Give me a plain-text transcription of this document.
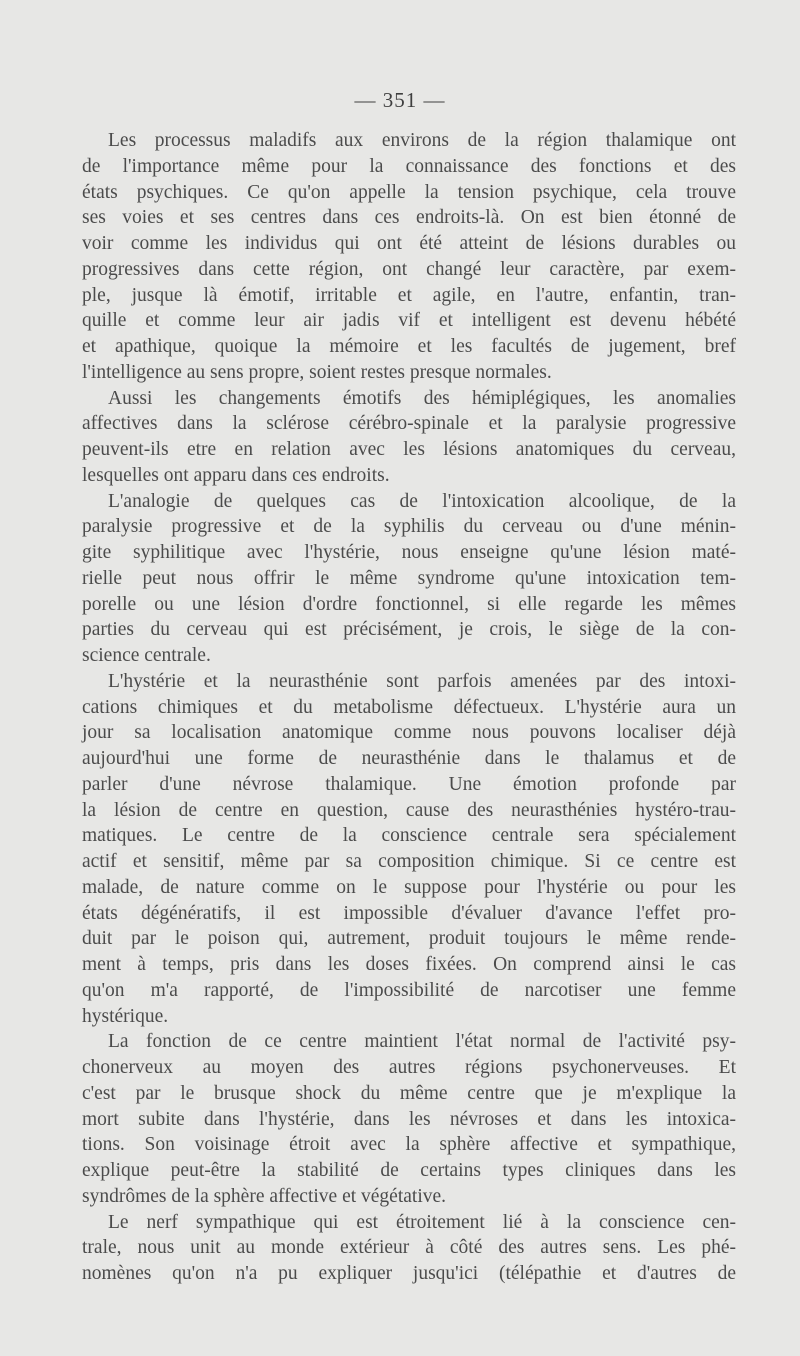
— 351 —
Les processus maladifs aux environs de la région thalamique ont
de l'importance même pour la connaissance des fonctions et des
états psychiques. Ce qu'on appelle la tension psychique, cela trouve
ses voies et ses centres dans ces endroits-là. On est bien étonné de
voir comme les individus qui ont été atteint de lésions durables ou
progressives dans cette région, ont changé leur caractère, par exem-
ple, jusque là émotif, irritable et agile, en l'autre, enfantin, tran-
quille et comme leur air jadis vif et intelligent est devenu hébété
et apathique, quoique la mémoire et les facultés de jugement, bref
l'intelligence au sens propre, soient restes presque normales.
Aussi les changements émotifs des hémiplégiques, les anomalies
affectives dans la sclérose cérébro-spinale et la paralysie progressive
peuvent-ils etre en relation avec les lésions anatomiques du cerveau,
lesquelles ont apparu dans ces endroits.
L'analogie de quelques cas de l'intoxication alcoolique, de la
paralysie progressive et de la syphilis du cerveau ou d'une ménin-
gite syphilitique avec l'hystérie, nous enseigne qu'une lésion maté-
rielle peut nous offrir le même syndrome qu'une intoxication tem-
porelle ou une lésion d'ordre fonctionnel, si elle regarde les mêmes
parties du cerveau qui est précisément, je crois, le siège de la con-
science centrale.
L'hystérie et la neurasthénie sont parfois amenées par des intoxi-
cations chimiques et du metabolisme défectueux. L'hystérie aura un
jour sa localisation anatomique comme nous pouvons localiser déjà
aujourd'hui une forme de neurasthénie dans le thalamus et de
parler d'une névrose thalamique. Une émotion profonde par
la lésion de centre en question, cause des neurasthénies hystéro-trau-
matiques. Le centre de la conscience centrale sera spécialement
actif et sensitif, même par sa composition chimique. Si ce centre est
malade, de nature comme on le suppose pour l'hystérie ou pour les
états dégénératifs, il est impossible d'évaluer d'avance l'effet pro-
duit par le poison qui, autrement, produit toujours le même rende-
ment à temps, pris dans les doses fixées. On comprend ainsi le cas
qu'on m'a rapporté, de l'impossibilité de narcotiser une femme
hystérique.
La fonction de ce centre maintient l'état normal de l'activité psy-
chonerveux au moyen des autres régions psychonerveuses. Et
c'est par le brusque shock du même centre que je m'explique la
mort subite dans l'hystérie, dans les névroses et dans les intoxica-
tions. Son voisinage étroit avec la sphère affective et sympathique,
explique peut-être la stabilité de certains types cliniques dans les
syndrômes de la sphère affective et végétative.
Le nerf sympathique qui est étroitement lié à la conscience cen-
trale, nous unit au monde extérieur à côté des autres sens. Les phé-
nomènes qu'on n'a pu expliquer jusqu'ici (télépathie et d'autres de
